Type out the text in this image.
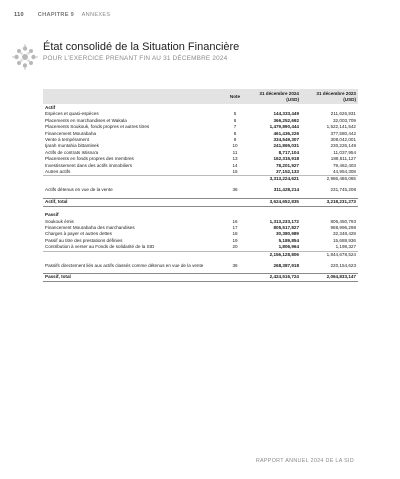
110 CHAPITRE 9 ANNEXES
État consolidé de la Situation Financière
POUR L’EXERCICE PRENANT FIN AU 31 DÉCEMBRE 2024
	Note	31 décembre 2024 (USD)	31 décembre 2023 (USD)
Actif			
Espèces et quasi-espèces	5	144,333,449	211,626,931
Placements en marchandises et Wakala	6	366,252,692	32,003,709
Placements Soukouk, fonds propres et autres titres	7	1,479,890,444	1,522,141,542
Financement Mourabaha	8	461,436,226	377,580,442
Vente à tempérament	9	334,549,307	308,042,001
Ijarah muntahia bittamleek	10	241,865,031	230,226,149
Actifs de contrats Istisna'a	11	8,717,104	11,037,954
Placements en fonds propres des membres	13	162,315,918	188,611,127
Investissement dans des actifs immobiliers	14	78,201,927	79,462,403
Autres actifs	15	37,152,133	44,954,308
		3,313,224,621	2,986,486,065

Actifs détenus en vue de la vente	36	311,428,214	231,745,208

Actif, total		3,624,652,835	3,218,231,273

Passif			
Soukouk émis	16	1,313,233,172	806,450,793
Financement Mourabaha des marchandises	17	805,517,827	988,996,298
Charges à payer et autres dettes	18	30,380,989	32,348,428
Passif au titre des prestations définies	19	5,189,854	15,688,936
Contribution à verser au Fonds de solidarité de la SID	20	1,806,964	1,198,327
		2,156,128,806	1,844,678,524

Passifs directement liés aux actifs classés comme détenus en vue de la vente	36	268,387,918	220,154,623

Passif, total		2,424,516,724	2,064,833,147
RAPPORT ANNUEL 2024 DE LA SID
